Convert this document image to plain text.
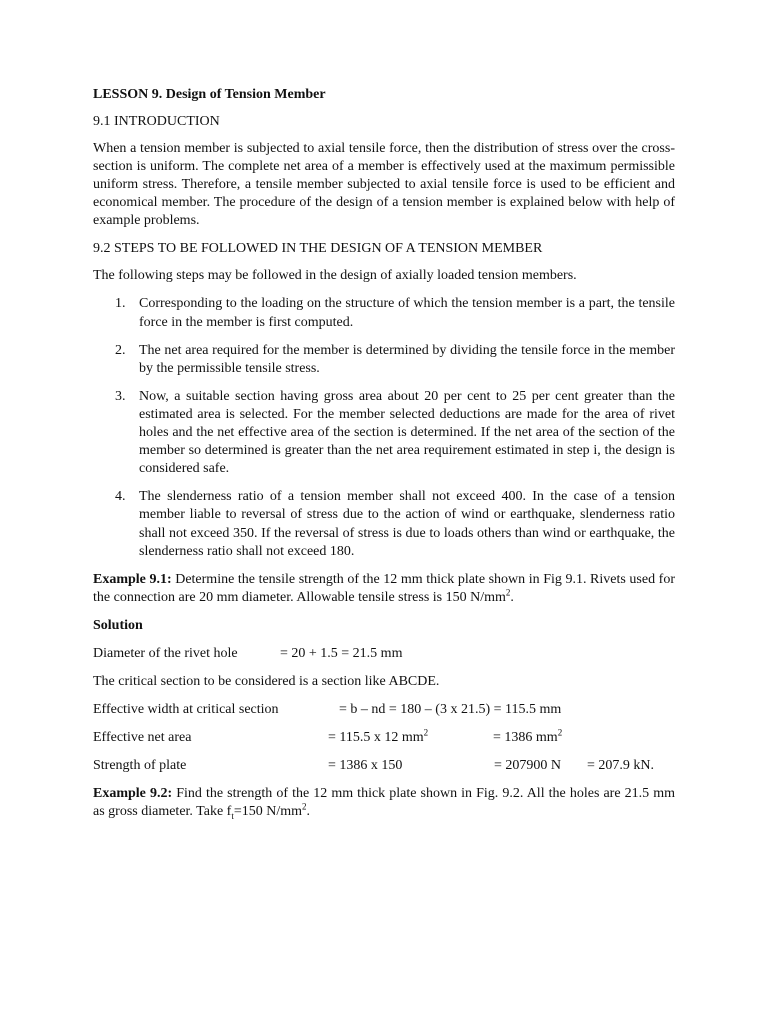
LESSON 9. Design of Tension Member

9.1 INTRODUCTION

When a tension member is subjected to axial tensile force, then the distribution of stress over the cross-section is uniform. The complete net area of a member is effectively used at the maximum permissible uniform stress. Therefore, a tensile member subjected to axial tensile force is used to be efficient and economical member. The procedure of the design of a tension member is explained below with help of example problems.

9.2 STEPS TO BE FOLLOWED IN THE DESIGN OF A TENSION MEMBER

The following steps may be followed in the design of axially loaded tension members.

1. Corresponding to the loading on the structure of which the tension member is a part, the tensile force in the member is first computed.
2. The net area required for the member is determined by dividing the tensile force in the member by the permissible tensile stress.
3. Now, a suitable section having gross area about 20 per cent to 25 per cent greater than the estimated area is selected. For the member selected deductions are made for the area of rivet holes and the net effective area of the section is determined. If the net area of the section of the member so determined is greater than the net area requirement estimated in step i, the design is considered safe.
4. The slenderness ratio of a tension member shall not exceed 400. In the case of a tension member liable to reversal of stress due to the action of wind or earthquake, slenderness ratio shall not exceed 350. If the reversal of stress is due to loads others than wind or earthquake, the slenderness ratio shall not exceed 180.

Example 9.1: Determine the tensile strength of the 12 mm thick plate shown in Fig 9.1. Rivets used for the connection are 20 mm diameter. Allowable tensile stress is 150 $N/mm^2$.

Solution

Diameter of the rivet hole	= 20 + 1.5 = 21.5 mm

The critical section to be considered is a section like ABCDE.

Effective width at critical section	= b – nd = 180 – (3 x 21.5) = 115.5 mm
Effective net area	= 115.5 x 12 $mm^2$	= 1386 $mm^2$
Strength of plate	= 1386 x 150	= 207900 N = 207.9 kN.

Example 9.2: Find the strength of the 12 mm thick plate shown in Fig. 9.2. All the holes are 21.5 mm as gross diameter. Take $f_t=150$ $N/mm^2$.
